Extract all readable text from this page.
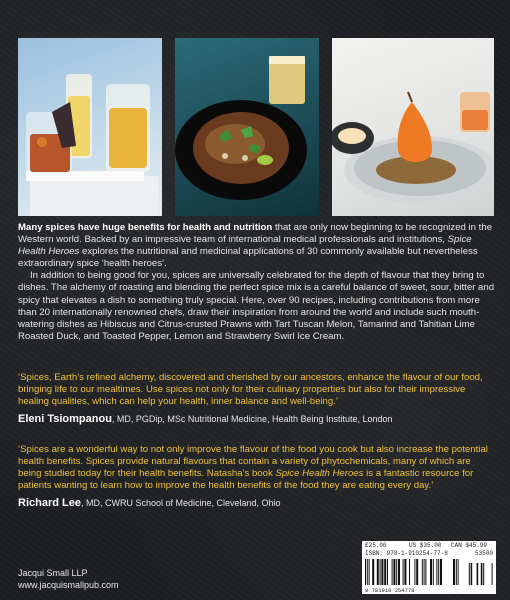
Many spices have huge benefits for health and nutrition that are only now beginning to be recognized in the Western world. Backed by an impressive team of international medical professionals and institutions, Spice Health Heroes explores the nutritional and medicinal applications of 30 commonly available but nevertheless extraordinary spice ‘health heroes’.

In addition to being good for you, spices are universally celebrated for the depth of flavour that they bring to dishes. The alchemy of roasting and blending the perfect spice mix is a careful balance of sweet, sour, bitter and spicy that elevates a dish to something truly special. Here, over 90 recipes, including contributions from more than 20 internationally renowned chefs, draw their inspiration from around the world and include such mouth-watering dishes as Hibiscus and Citrus-crusted Prawns with Tart Tuscan Melon, Tamarind and Tahitian Lime Roasted Duck, and Toasted Pepper, Lemon and Strawberry Swirl Ice Cream.

‘Spices, Earth’s refined alchemy, discovered and cherished by our ancestors, enhance the flavour of our food, bringing life to our mealtimes. Use spices not only for their culinary properties but also for their impressive healing qualities, which can help your health, inner balance and well-being.’

Eleni Tsiompanou, MD, PGDip, MSc Nutritional Medicine, Health Being Institute, London

‘Spices are a wonderful way to not only improve the flavour of the food you cook but also increase the potential health benefits. Spices provide natural flavours that contain a variety of phytochemicals, many of which are being studied today for their health benefits. Natasha’s book Spice Health Heroes is a fantastic resource for patients wanting to learn how to improve the health benefits of the food they are eating every day.’

Richard Lee, MD, CWRU School of Medicine, Cleveland, Ohio

Jacqui Small LLP
www.jacquismallpub.com
£25.00	US $35.00 CAN $45.99
ISBN: 978-1-910254-77-8	53500
9 781910 254778
